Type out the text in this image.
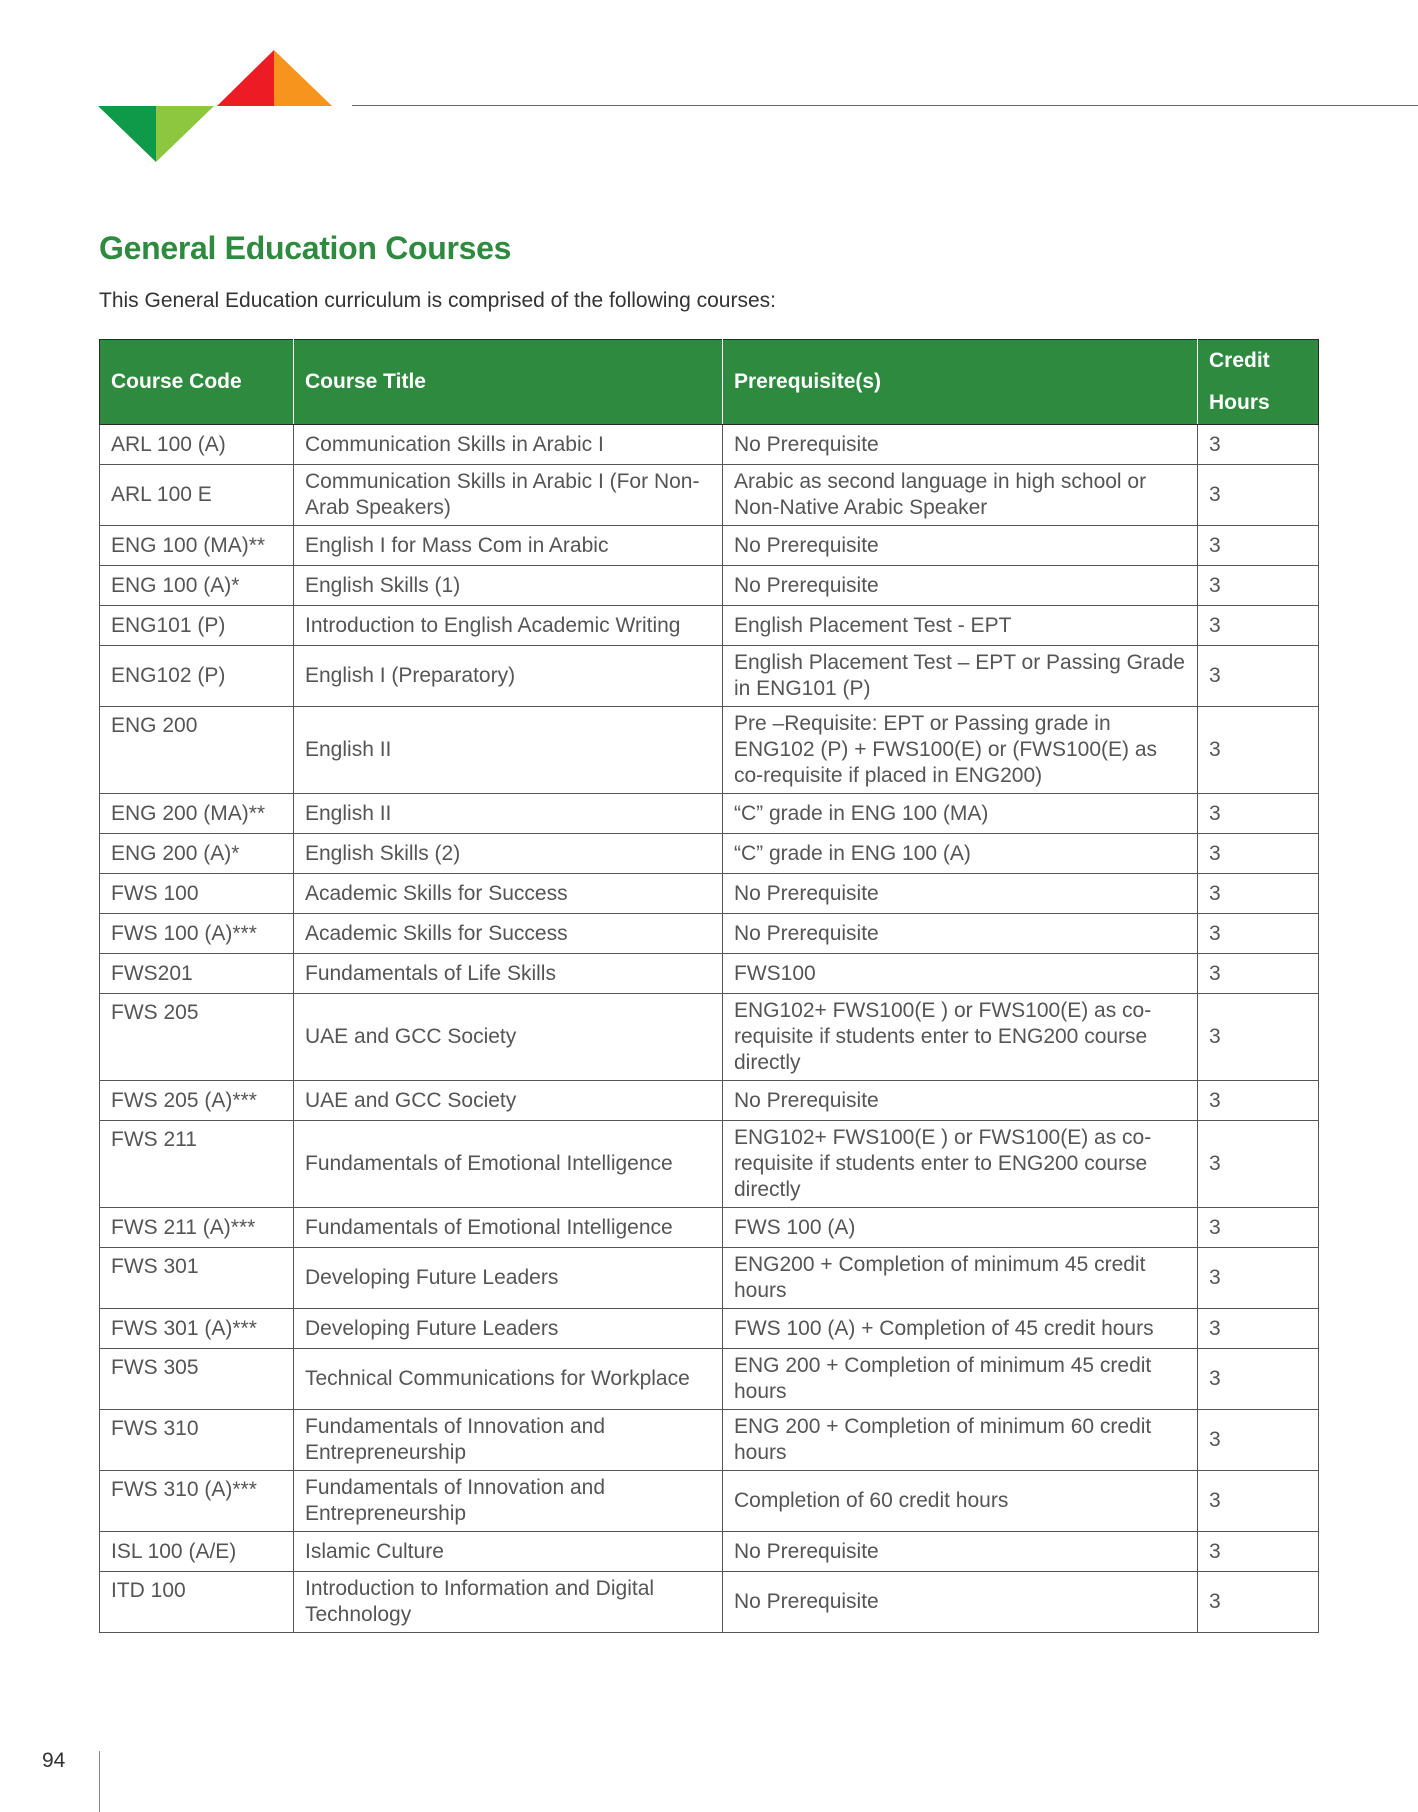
General Education Courses

This General Education curriculum is comprised of the following courses:

Course Code	Course Title	Prerequisite(s)	Credit
Hours

ARL 100 (A)	Communication Skills in Arabic I	No Prerequisite	3
ARL 100 E	Communication Skills in Arabic I (For Non-Arab Speakers)	Arabic as second language in high school or Non-Native Arabic Speaker	3
ENG 100 (MA)**	English I for Mass Com in Arabic	No Prerequisite	3
ENG 100 (A)*	English Skills (1)	No Prerequisite	3
ENG101 (P)	Introduction to English Academic Writing	English Placement Test - EPT	3
ENG102 (P)	English I (Preparatory)	English Placement Test – EPT or Passing Grade in ENG101 (P)	3
ENG 200	English II	Pre –Requisite: EPT or Passing grade in ENG102 (P) + FWS100(E) or (FWS100(E) as co-requisite if placed in ENG200)	3
ENG 200 (MA)**	English II	“C” grade in ENG 100 (MA)	3
ENG 200 (A)*	English Skills (2)	“C” grade in ENG 100 (A)	3
FWS 100	Academic Skills for Success	No Prerequisite	3
FWS 100 (A)***	Academic Skills for Success	No Prerequisite	3
FWS201	Fundamentals of Life Skills	FWS100	3
FWS 205	UAE and GCC Society	ENG102+ FWS100(E ) or FWS100(E) as co-requisite if students enter to ENG200 course directly	3
FWS 205 (A)***	UAE and GCC Society	No Prerequisite	3
FWS 211	Fundamentals of Emotional Intelligence	ENG102+ FWS100(E ) or FWS100(E) as co-requisite if students enter to ENG200 course directly	3
FWS 211 (A)***	Fundamentals of Emotional Intelligence	FWS 100 (A)	3
FWS 301	Developing Future Leaders	ENG200 + Completion of minimum 45 credit hours	3
FWS 301 (A)***	Developing Future Leaders	FWS 100 (A) + Completion of 45 credit hours	3
FWS 305	Technical Communications for Workplace	ENG 200 + Completion of minimum 45 credit hours	3
FWS 310	Fundamentals of Innovation and Entrepreneurship	ENG 200 + Completion of minimum 60 credit hours	3
FWS 310 (A)***	Fundamentals of Innovation and Entrepreneurship	Completion of 60 credit hours	3
ISL 100 (A/E)	Islamic Culture	No Prerequisite	3
ITD 100	Introduction to Information and Digital Technology	No Prerequisite	3
94
